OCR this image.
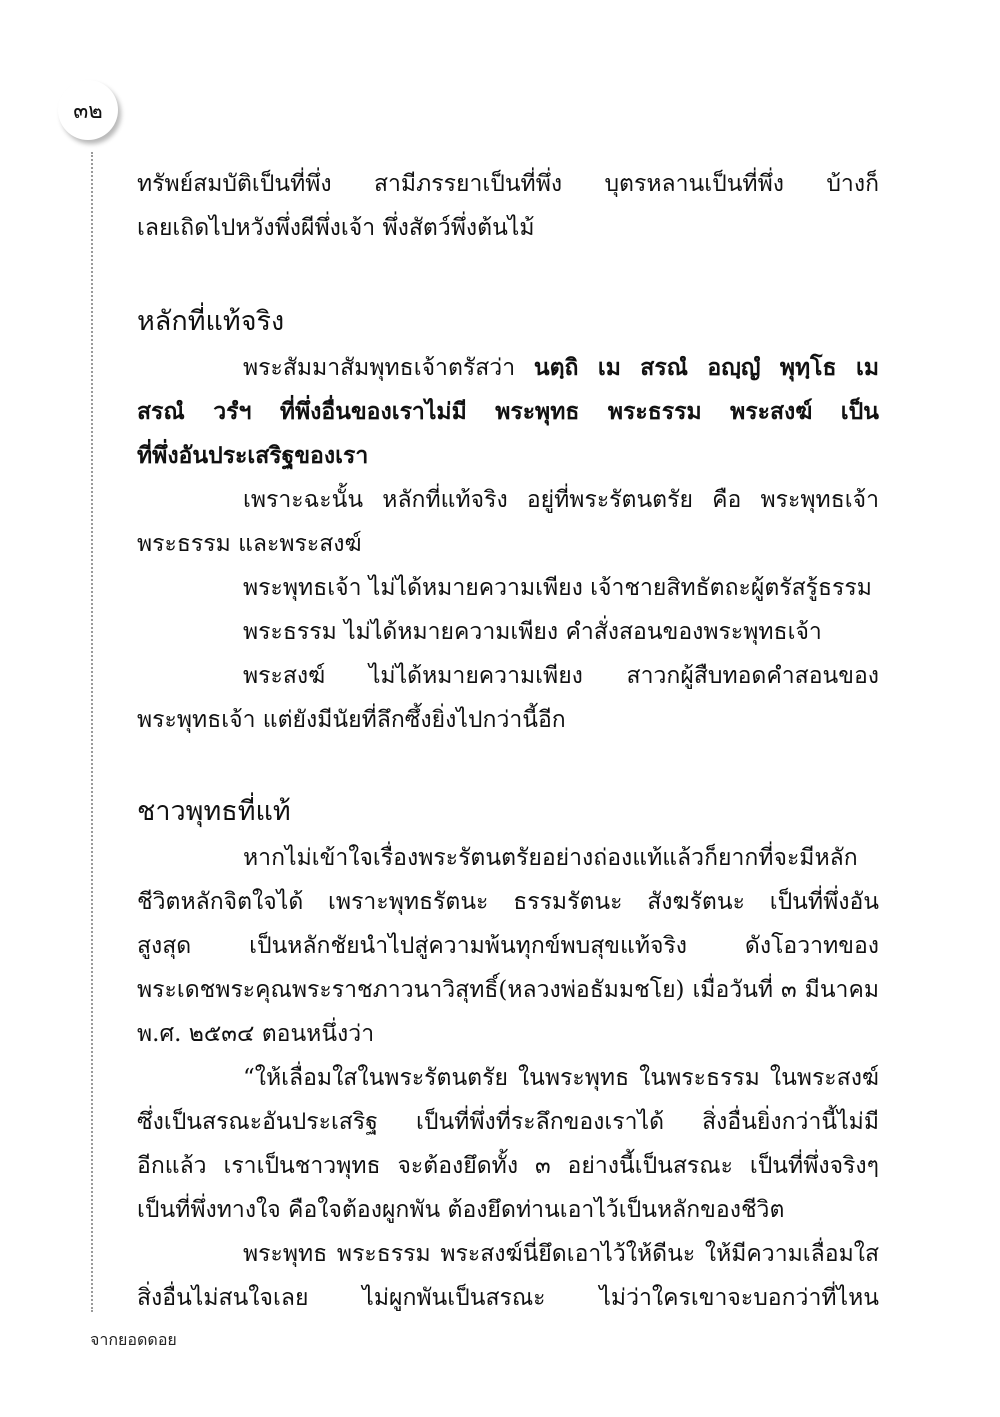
๓๒

ทรัพย์สมบัติเป็นที่พึ่ง สามีภรรยาเป็นที่พึ่ง บุตรหลานเป็นที่พึ่ง บ้างก็

เลยเถิดไปหวังพึ่งผีพึ่งเจ้า พึ่งสัตว์พึ่งต้นไม้

หลักที่แท้จริง

พระสัมมาสัมพุทธเจ้าตรัสว่า นตฺถิ เม สรณํ อญฺญํ พุทฺโธ เม

สรณํ วรํฯ ที่พึ่งอื่นของเราไม่มี พระพุทธ พระธรรม พระสงฆ์ เป็น

ที่พึ่งอันประเสริฐของเรา

เพราะฉะนั้น หลักที่แท้จริง อยู่ที่พระรัตนตรัย คือ พระพุทธเจ้า

พระธรรม และพระสงฆ์

พระพุทธเจ้า ไม่ได้หมายความเพียง เจ้าชายสิทธัตถะผู้ตรัสรู้ธรรม

พระธรรม ไม่ได้หมายความเพียง คำสั่งสอนของพระพุทธเจ้า

พระสงฆ์ ไม่ได้หมายความเพียง สาวกผู้สืบทอดคำสอนของ

พระพุทธเจ้า แต่ยังมีนัยที่ลึกซึ้งยิ่งไปกว่านี้อีก

ชาวพุทธที่แท้

หากไม่เข้าใจเรื่องพระรัตนตรัยอย่างถ่องแท้แล้วก็ยากที่จะมีหลัก

ชีวิตหลักจิตใจได้ เพราะพุทธรัตนะ ธรรมรัตนะ สังฆรัตนะ เป็นที่พึ่งอัน

สูงสุด เป็นหลักชัยนำไปสู่ความพ้นทุกข์พบสุขแท้จริง ดังโอวาทของ

พระเดชพระคุณพระราชภาวนาวิสุทธิ์(หลวงพ่อธัมมชโย) เมื่อวันที่ ๓ มีนาคม

พ.ศ. ๒๕๓๔ ตอนหนึ่งว่า

“ให้เลื่อมใสในพระรัตนตรัย ในพระพุทธ ในพระธรรม ในพระสงฆ์

ซึ่งเป็นสรณะอันประเสริฐ เป็นที่พึ่งที่ระลึกของเราได้ สิ่งอื่นยิ่งกว่านี้ไม่มี

อีกแล้ว เราเป็นชาวพุทธ จะต้องยึดทั้ง ๓ อย่างนี้เป็นสรณะ เป็นที่พึ่งจริงๆ

เป็นที่พึ่งทางใจ คือใจต้องผูกพัน ต้องยึดท่านเอาไว้เป็นหลักของชีวิต

พระพุทธ พระธรรม พระสงฆ์นี่ยึดเอาไว้ให้ดีนะ ให้มีความเลื่อมใส

สิ่งอื่นไม่สนใจเลย ไม่ผูกพันเป็นสรณะ ไม่ว่าใครเขาจะบอกว่าที่ไหน

จากยอดดอย
